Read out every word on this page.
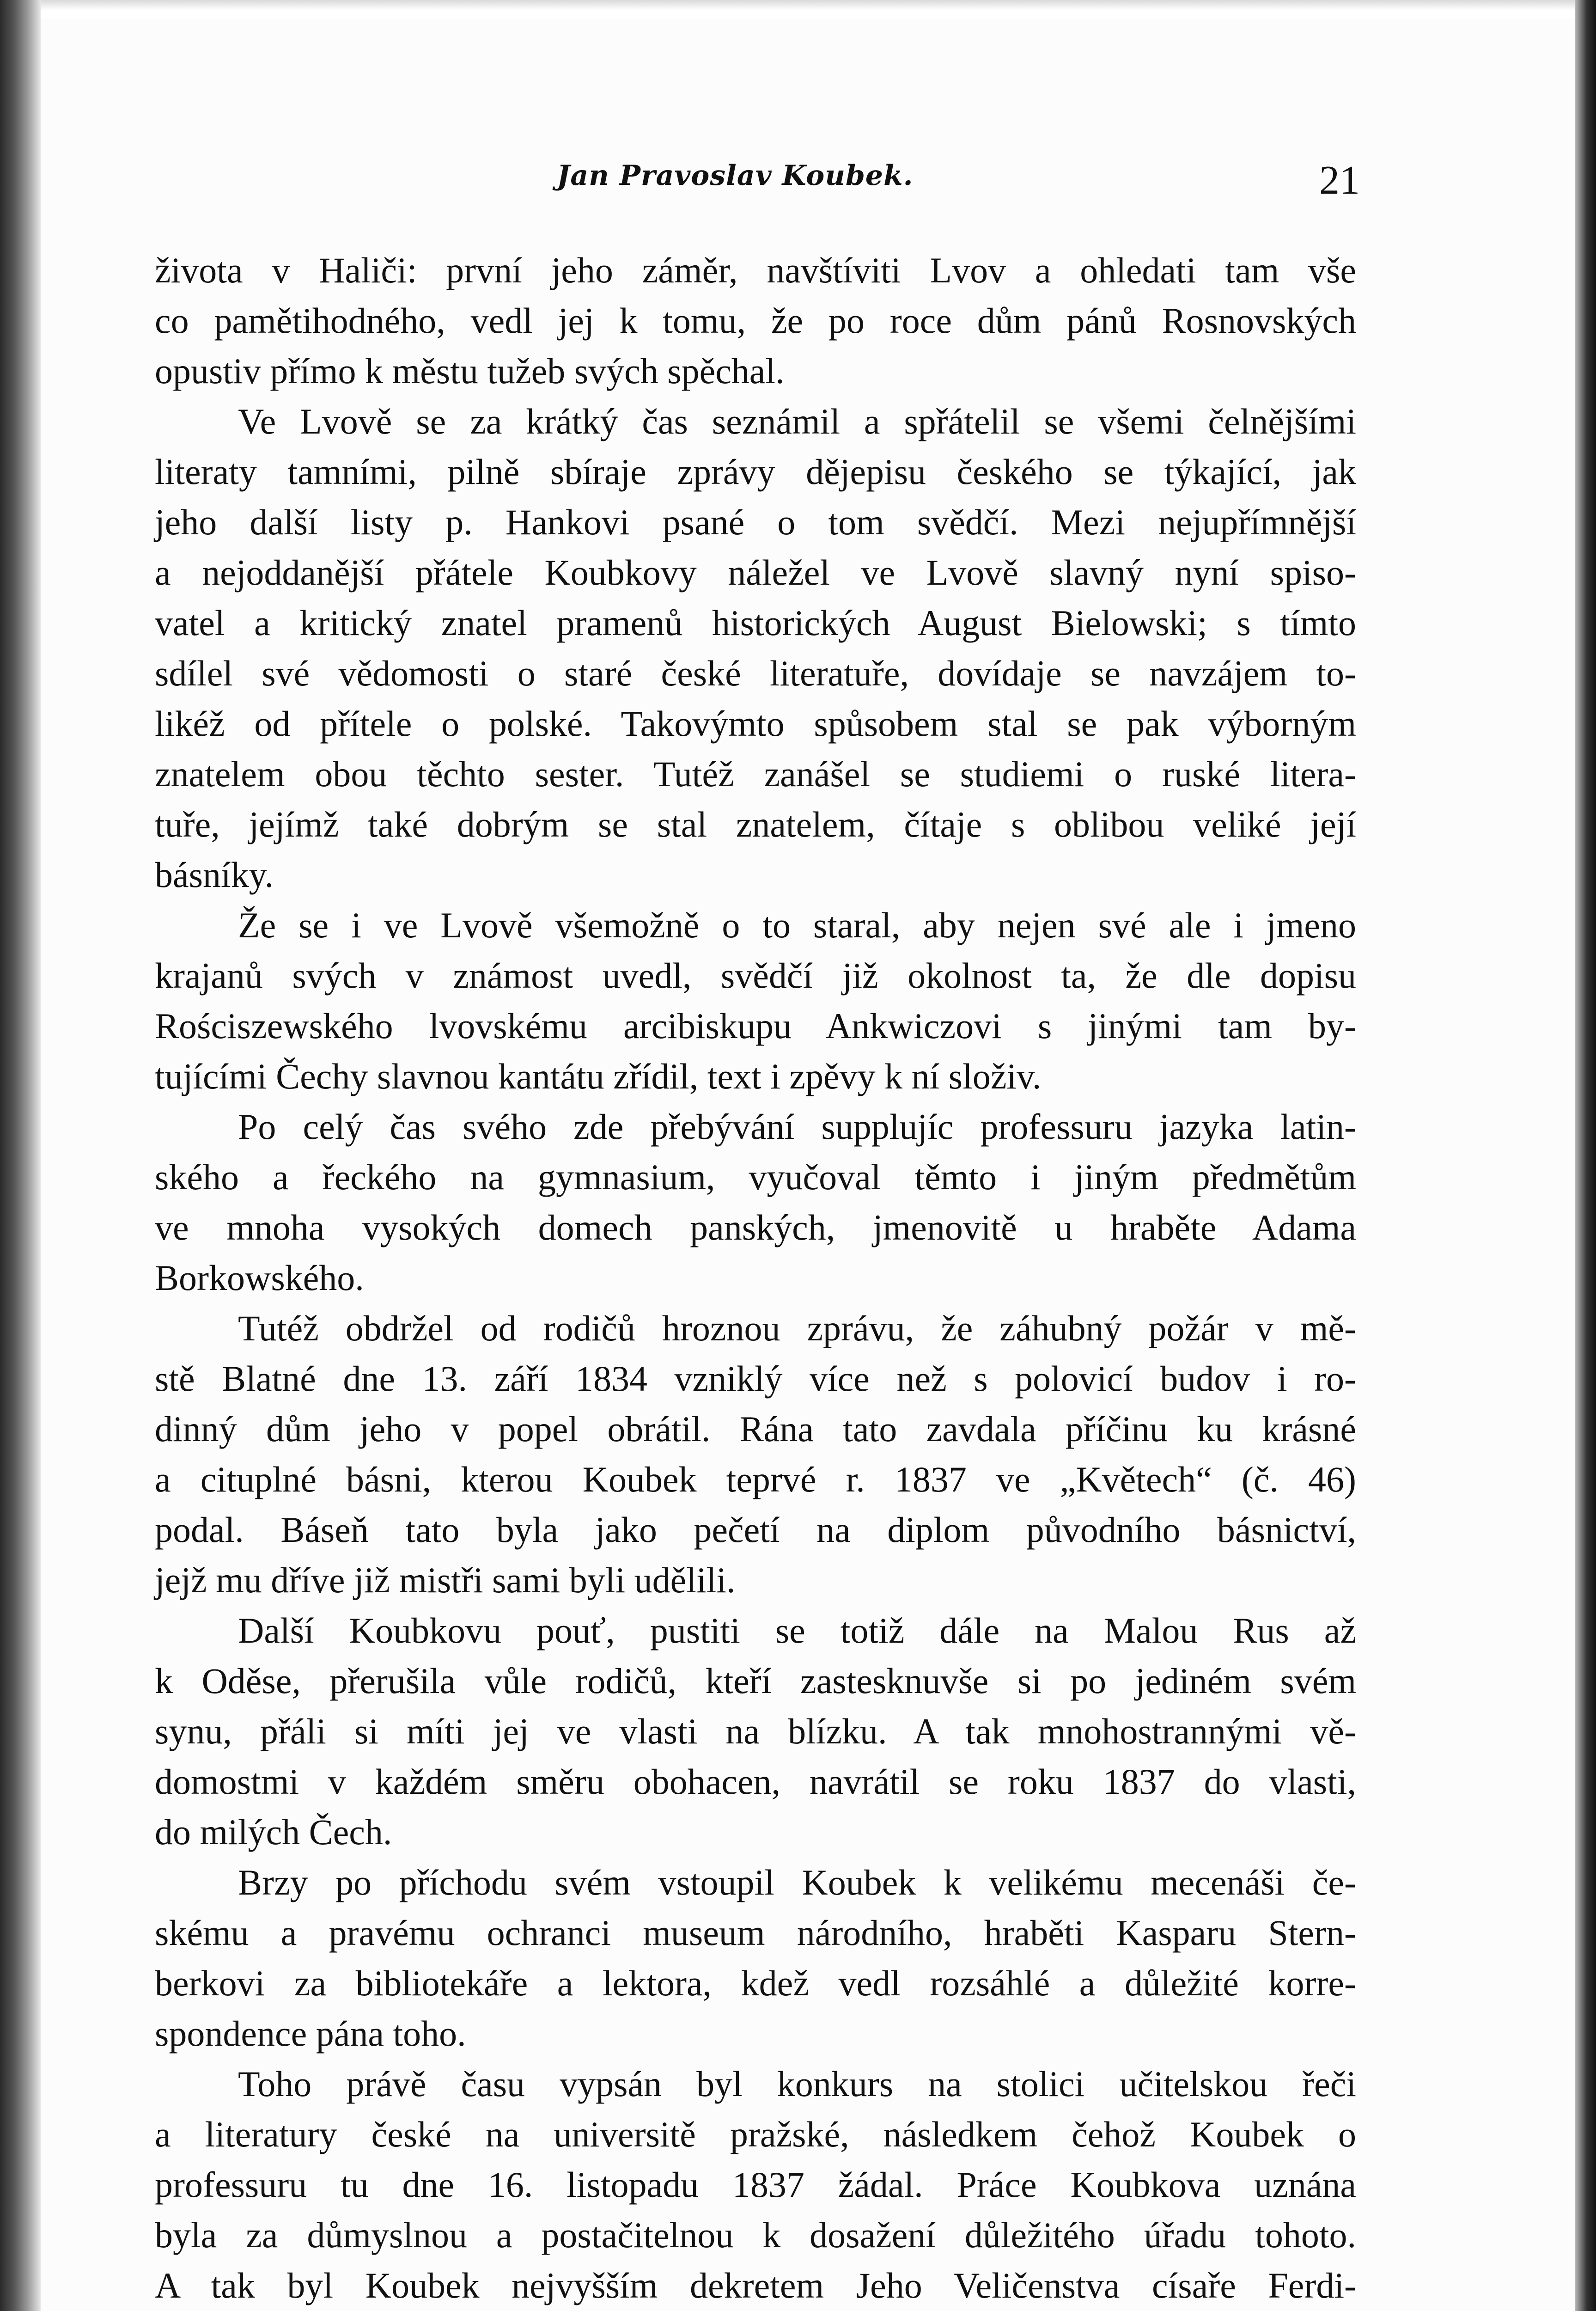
Jan Pravoslav Koubek.	21
života v Haliči: první jeho záměr, navštíviti Lvov a ohledati tam vše
co pamětihodného, vedl jej k tomu, že po roce dům pánů Rosnovských
opustiv přímo k městu tužeb svých spěchal.
Ve Lvově se za krátký čas seznámil a spřátelil se všemi čelnějšími
literaty tamními, pilně sbíraje zprávy dějepisu českého se týkající, jak
jeho další listy p. Hankovi psané o tom svědčí. Mezi nejupřímnější
a nejoddanější přátele Koubkovy náležel ve Lvově slavný nyní spiso-
vatel a kritický znatel pramenů historických August Bielowski; s tímto
sdílel své vědomosti o staré české literatuře, dovídaje se navzájem to-
likéž od přítele o polské. Takovýmto spůsobem stal se pak výborným
znatelem obou těchto sester. Tutéž zanášel se studiemi o ruské litera-
tuře, jejímž také dobrým se stal znatelem, čítaje s oblibou veliké její
básníky.
Že se i ve Lvově všemožně o to staral, aby nejen své ale i jmeno
krajanů svých v známost uvedl, svědčí již okolnost ta, že dle dopisu
Rościszewského lvovskému arcibiskupu Ankwiczovi s jinými tam by-
tujícími Čechy slavnou kantátu zřídil, text i zpěvy k ní složiv.
Po celý čas svého zde přebývání supplujíc professuru jazyka latin-
ského a řeckého na gymnasium, vyučoval těmto i jiným předmětům
ve mnoha vysokých domech panských, jmenovitě u hraběte Adama
Borkowského.
Tutéž obdržel od rodičů hroznou zprávu, že záhubný požár v mě-
stě Blatné dne 13. září 1834 vzniklý více než s polovicí budov i ro-
dinný dům jeho v popel obrátil. Rána tato zavdala příčinu ku krásné
a cituplné básni, kterou Koubek teprvé r. 1837 ve „Květech“ (č. 46)
podal. Báseň tato byla jako pečetí na diplom původního básnictví,
jejž mu dříve již mistři sami byli udělili.
Další Koubkovu pouť, pustiti se totiž dále na Malou Rus až
k Oděse, přerušila vůle rodičů, kteří zastesknuvše si po jediném svém
synu, přáli si míti jej ve vlasti na blízku. A tak mnohostrannými vě-
domostmi v každém směru obohacen, navrátil se roku 1837 do vlasti,
do milých Čech.
Brzy po příchodu svém vstoupil Koubek k velikému mecenáši če-
skému a pravému ochranci museum národního, hraběti Kasparu Stern-
berkovi za bibliotekáře a lektora, kdež vedl rozsáhlé a důležité korre-
spondence pána toho.
Toho právě času vypsán byl konkurs na stolici učitelskou řeči
a literatury české na universitě pražské, následkem čehož Koubek o
professuru tu dne 16. listopadu 1837 žádal. Práce Koubkova uznána
byla za důmyslnou a postačitelnou k dosažení důležitého úřadu tohoto.
A tak byl Koubek nejvyšším dekretem Jeho Veličenstva císaře Ferdi-
